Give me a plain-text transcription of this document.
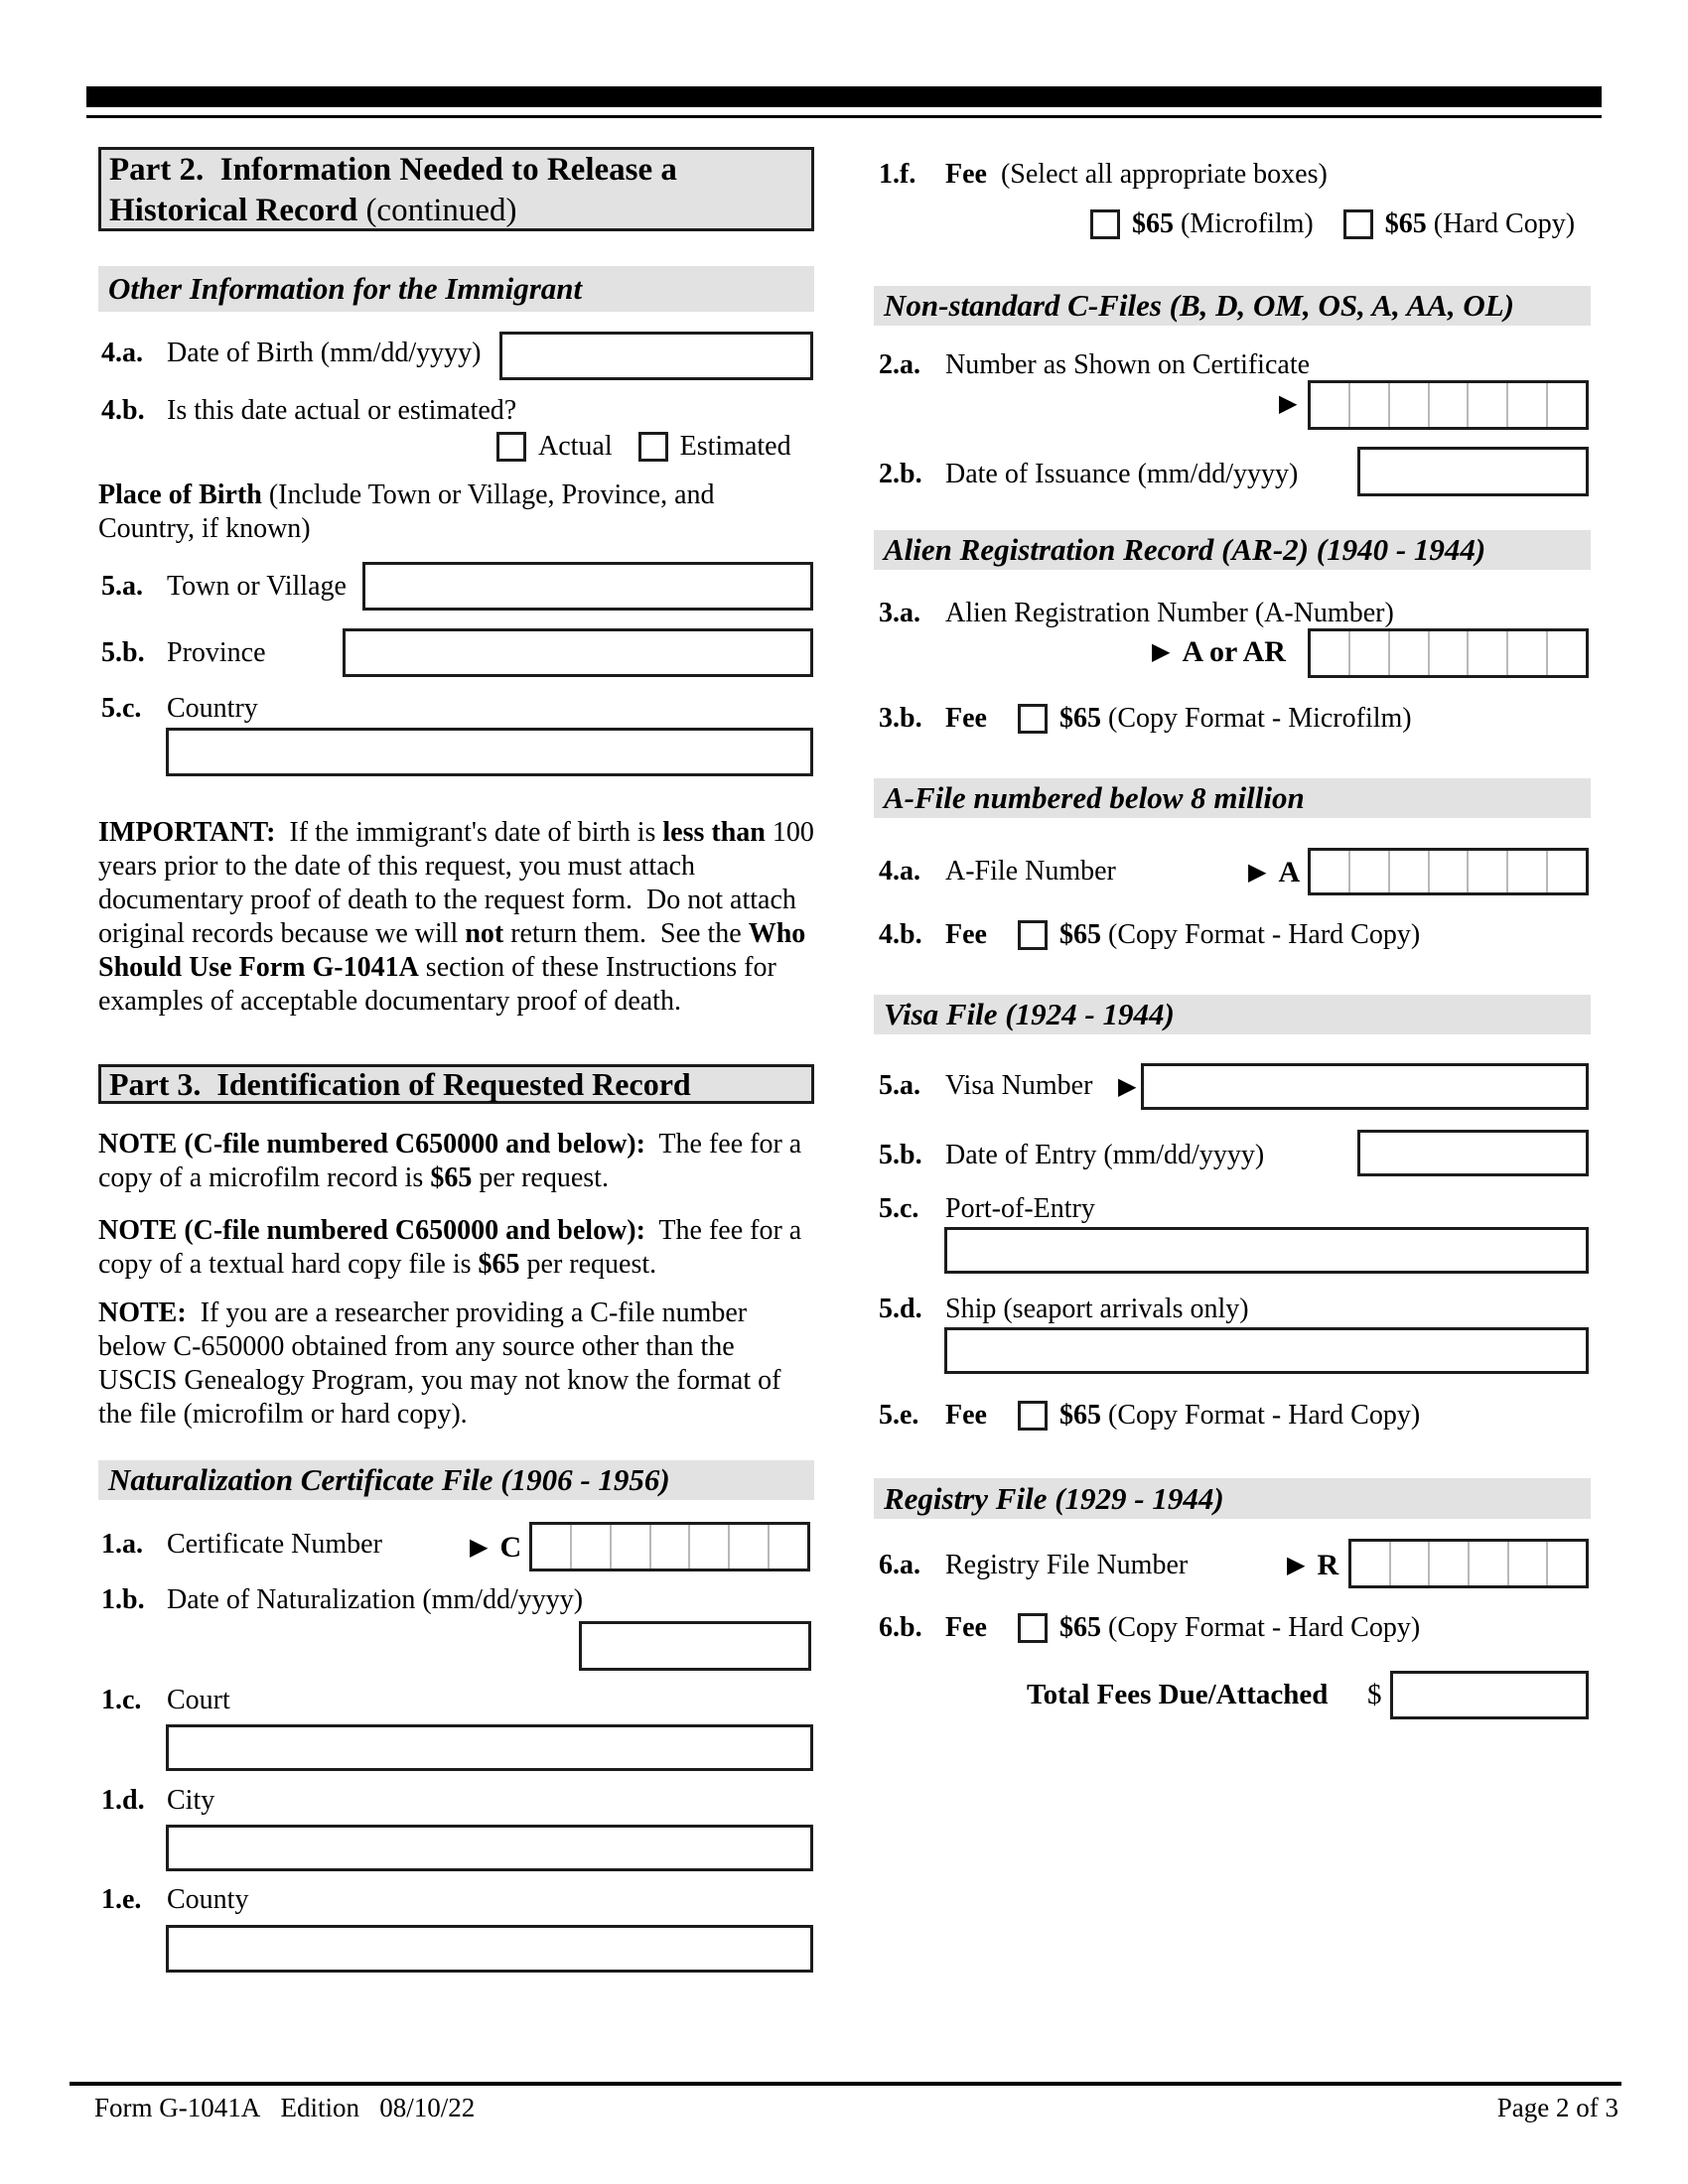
Part 2.  Information Needed to Release a Historical Record (continued)
Other Information for the Immigrant
4.a. Date of Birth (mm/dd/yyyy)
4.b. Is this date actual or estimated?
Actual Estimated
Place of Birth (Include Town or Village, Province, and Country, if known)
5.a. Town or Village
5.b. Province
5.c. Country
IMPORTANT:  If the immigrant's date of birth is less than 100 years prior to the date of this request, you must attach documentary proof of death to the request form.  Do not attach original records because we will not return them.  See the Who Should Use Form G-1041A section of these Instructions for examples of acceptable documentary proof of death.
Part 3.  Identification of Requested Record
NOTE (C-file numbered C650000 and below):  The fee for a copy of a microfilm record is $65 per request.
NOTE (C-file numbered C650000 and below):  The fee for a copy of a textual hard copy file is $65 per request.
NOTE:  If you are a researcher providing a C-file number below C-650000 obtained from any source other than the USCIS Genealogy Program, you may not know the format of the file (microfilm or hard copy).
Naturalization Certificate File (1906 - 1956)
1.a. Certificate Number	▶ C
1.b. Date of Naturalization (mm/dd/yyyy)
1.c. Court
1.d. City
1.e. County
1.f. Fee  (Select all appropriate boxes)
$65 (Microfilm)	$65 (Hard Copy)
Non-standard C-Files (B, D, OM, OS, A, AA, OL)
2.a. Number as Shown on Certificate
▶
2.b. Date of Issuance (mm/dd/yyyy)
Alien Registration Record (AR-2) (1940 - 1944)
3.a. Alien Registration Number (A-Number)
▶ A or AR
3.b. Fee	$65 (Copy Format - Microfilm)
A-File numbered below 8 million
4.a. A-File Number	▶ A
4.b. Fee	$65 (Copy Format - Hard Copy)
Visa File (1924 - 1944)
5.a. Visa Number ▶
5.b. Date of Entry (mm/dd/yyyy)
5.c. Port-of-Entry
5.d. Ship (seaport arrivals only)
5.e. Fee	$65 (Copy Format - Hard Copy)
Registry File (1929 - 1944)
6.a. Registry File Number	▶ R
6.b. Fee	$65 (Copy Format - Hard Copy)
Total Fees Due/Attached $
Form G-1041A   Edition   08/10/22	Page 2 of 3
